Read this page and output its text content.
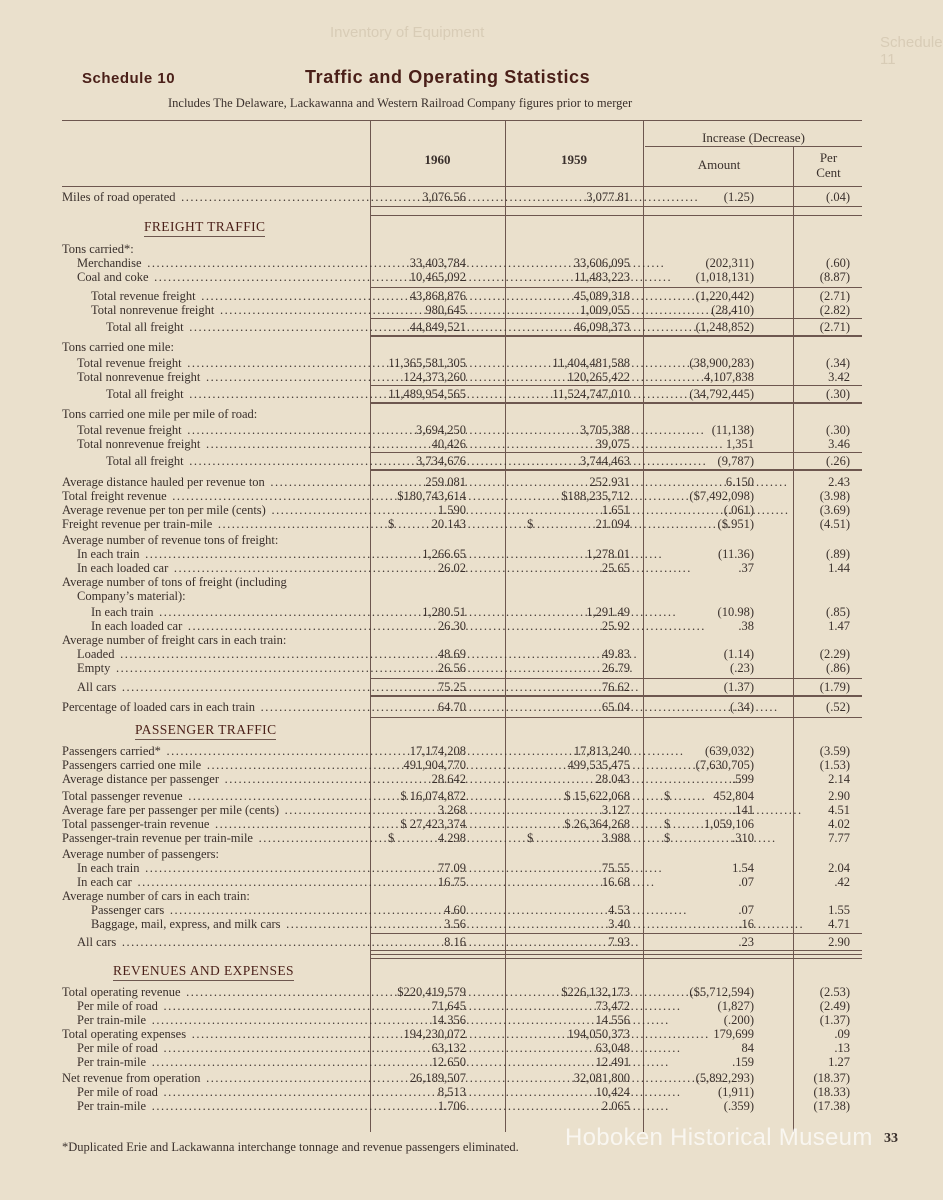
Schedule 11
Inventory of Equipment
Schedule 10	Traffic and Operating Statistics
Includes The Delaware, Lackawanna and Western Railroad Company figures prior to merger
1960	1959
Increase (Decrease)
Amount	Per
Cent
FREIGHT TRAFFIC
PASSENGER TRAFFIC
REVENUES AND EXPENSES
Tons carried*:
Tons carried one mile:
Tons carried one mile per mile of road:
Average number of revenue tons of freight:
Average number of tons of freight (including
Company’s material):
Average number of freight cars in each train:
Average number of passengers:
Average number of cars in each train:
Miles of road operated .....	3,076.56	3,077.81	(1.25)	(.04)
Merchandise .....	33,403,784	33,606,095	(202,311)	(.60)
Coal and coke .....	10,465,092	11,483,223	(1,018,131)	(8.87)
Total revenue freight .....	43,868,876	45,089,318	(1,220,442)	(2.71)
Total nonrevenue freight .....	980,645	1,009,055	(28,410)	(2.82)
Total all freight .....	44,849,521	46,098,373	(1,248,852)	(2.71)
Total revenue freight .....	11,365,581,305	11,404,481,588	(38,900,283)	(.34)
Total nonrevenue freight .....	124,373,260	120,265,422	4,107,838	3.42
Total all freight .....	11,489,954,565	11,524,747,010	(34,792,445)	(.30)
Total revenue freight .....	3,694,250	3,705,388	(11,138)	(.30)
Total nonrevenue freight .....	40,426	39,075	1,351	3.46
Total all freight .....	3,734,676	3,744,463	(9,787)	(.26)
Average distance hauled per revenue ton .....	259.081	252.931	6.150	2.43
Total freight revenue .....	$180,743,614	$188,235,712	($7,492,098)	(3.98)
Average revenue per ton per mile (cents) .....	1.590	1.651	(.061)	(3.69)
Freight revenue per train-mile .....	20.143	21.094	($.951)	(4.51)
In each train .....	1,266.65	1,278.01	(11.36)	(.89)
In each loaded car .....	26.02	25.65	.37	1.44
In each train .....	1,280.51	1,291.49	(10.98)	(.85)
In each loaded car .....	26.30	25.92	.38	1.47
Loaded .....	48.69	49.83	(1.14)	(2.29)
Empty .....	26.56	26.79	(.23)	(.86)
All cars .....	75.25	76.62	(1.37)	(1.79)
Percentage of loaded cars in each train .....	64.70	65.04	(.34)	(.52)
Passengers carried* .....	17,174,208	17,813,240	(639,032)	(3.59)
Passengers carried one mile .....	491,904,770	499,535,475	(7,630,705)	(1.53)
Average distance per passenger .....	28.642	28.043	.599	2.14
Total passenger revenue .....	$ 16,074,872	$ 15,622,068	452,804	2.90
Average fare per passenger per mile (cents) .....	3.268	3.127	.141	4.51
Total passenger-train revenue .....	$ 27,423,374	$ 26,364,268	1,059,106	4.02
Passenger-train revenue per train-mile .....	4.298	3.988	.310	7.77
In each train .....	77.09	75.55	1.54	2.04
In each car .....	16.75	16.68	.07	.42
Passenger cars .....	4.60	4.53	.07	1.55
Baggage, mail, express, and milk cars .....	3.56	3.40	.16	4.71
All cars .....	8.16	7.93	.23	2.90
Total operating revenue .....	$220,419,579	$226,132,173	($5,712,594)	(2.53)
Per mile of road .....	71,645	73,472	(1,827)	(2.49)
Per train-mile .....	14.356	14.556	(.200)	(1.37)
Total operating expenses .....	194,230,072	194,050,373	179,699	.09
Per mile of road .....	63,132	63,048	84	.13
Per train-mile .....	12.650	12.491	.159	1.27
Net revenue from operation .....	26,189,507	32,081,800	(5,892,293)	(18.37)
Per mile of road .....	8,513	10,424	(1,911)	(18.33)
Per train-mile .....	1.706	2.065	(.359)	(17.38)
$	$
$	$
$
$
$
*Duplicated Erie and Lackawanna interchange tonnage and revenue passengers eliminated. Hoboken Historical Museum 33
